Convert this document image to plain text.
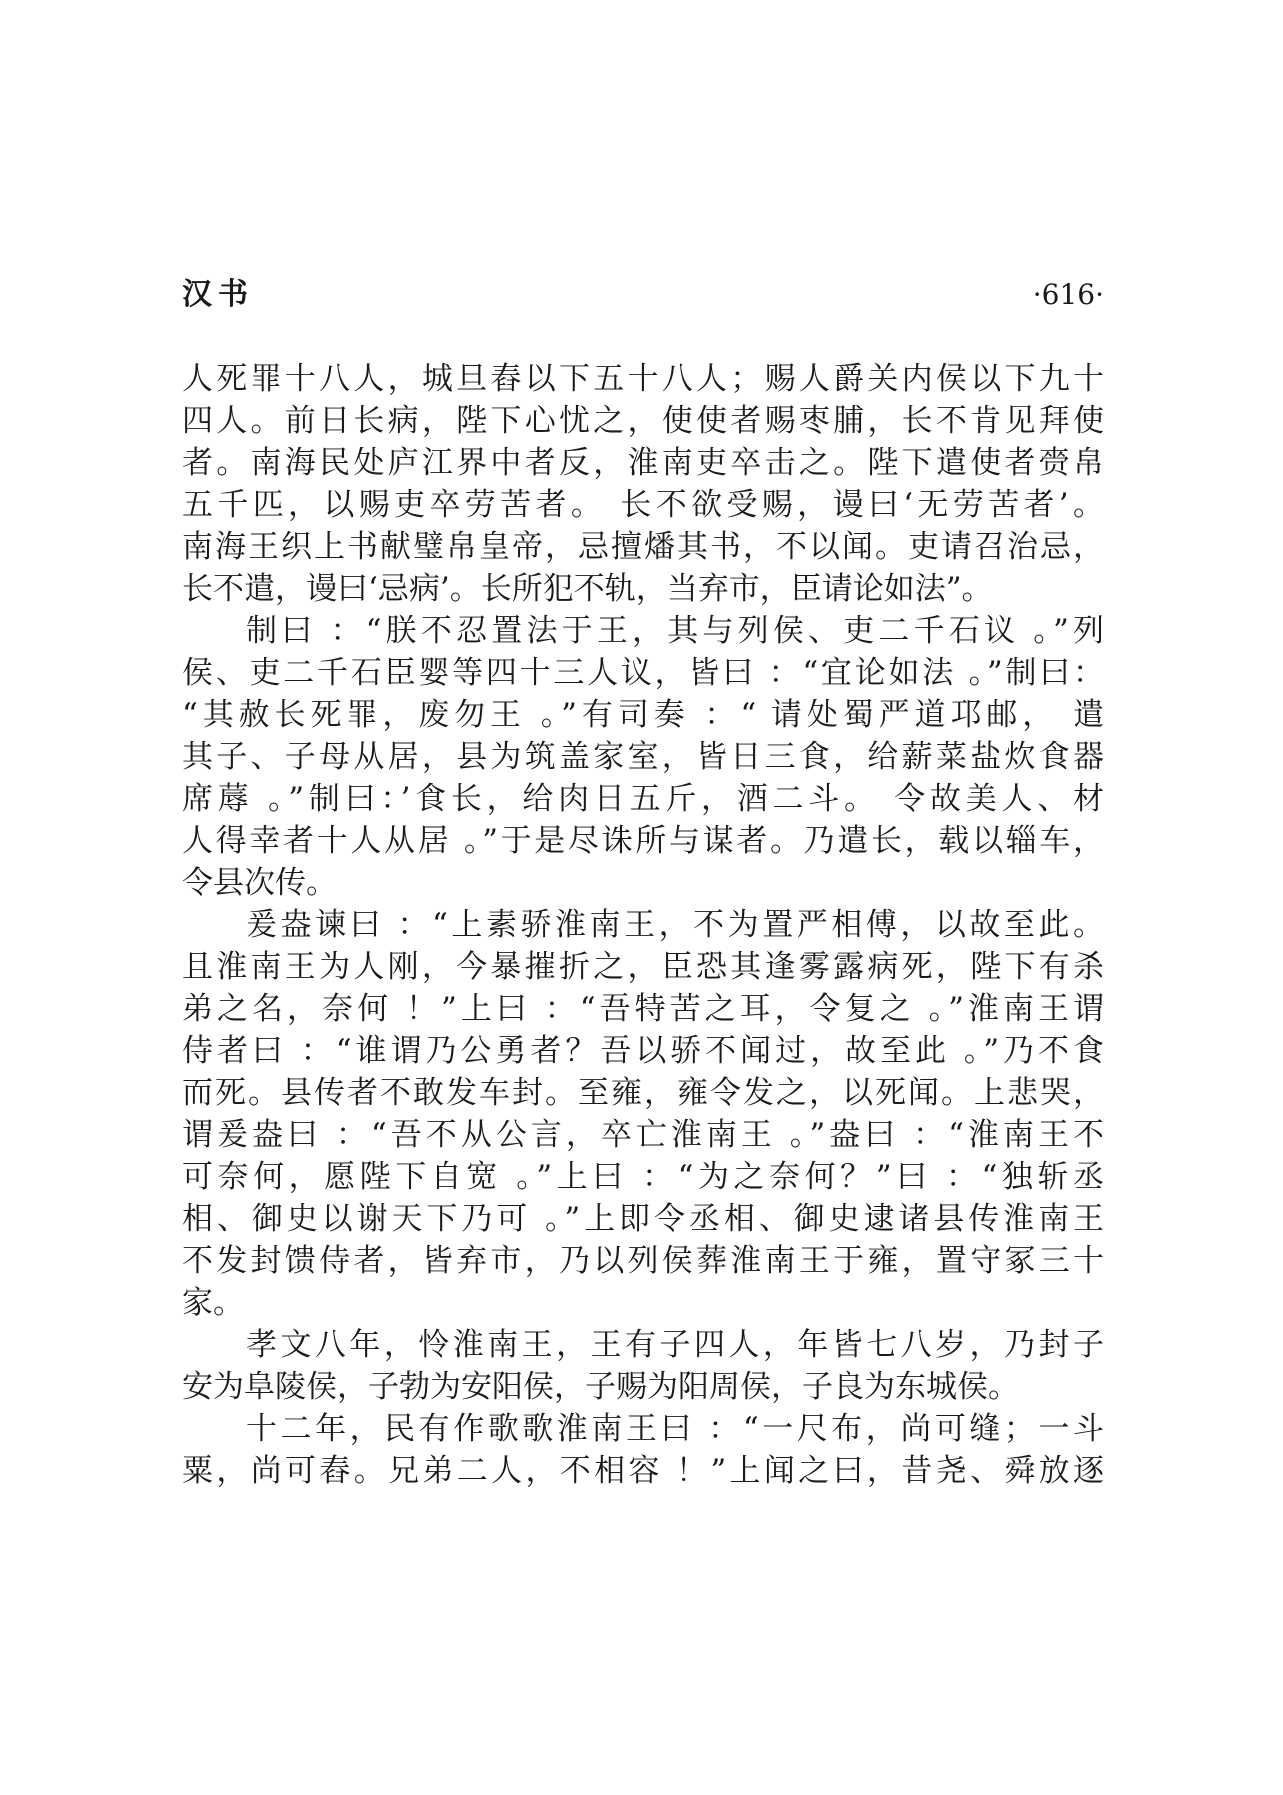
汉书	·616·
人死罪十八人，城旦舂以下五十八人；赐人爵关内侯以下九十
四人。前日长病，陛下心忧之，使使者赐枣脯，长不肯见拜使
者。南海民处庐江界中者反，淮南吏卒击之。陛下遣使者赍帛
五千匹，以赐吏卒劳苦者。 长不欲受赐，谩曰‘无劳苦者’。
南海王织上书献璧帛皇帝，忌擅燔其书，不以闻。吏请召治忌，
长不遣，谩曰‘忌病’。长所犯不轨，当弃市，臣请论如法”。
制曰 ：“朕不忍置法于王，其与列侯、吏二千石议 。”列
侯、吏二千石臣婴等四十三人议，皆曰 ：“宜论如法 。”制曰：
“其赦长死罪，废勿王 。”有司奏 ：“ 请处蜀严道邛邮， 遣
其子、子母从居，县为筑盖家室，皆日三食，给薪菜盐炊食器
席蓐 。”制曰：’食长，给肉日五斤，酒二斗。 令故美人、材
人得幸者十人从居 。”于是尽诛所与谋者。乃遣长，载以辎车，
令县次传。
爰盎谏曰 ：“上素骄淮南王，不为置严相傅，以故至此。
且淮南王为人刚，今暴摧折之，臣恐其逢雾露病死，陛下有杀
弟之名，奈何 ！”上曰 ：“吾特苦之耳，令复之 。”淮南王谓
侍者曰 ：“谁谓乃公勇者？吾以骄不闻过，故至此 。”乃不食
而死。县传者不敢发车封。至雍，雍令发之，以死闻。上悲哭，
谓爰盎曰 ：“吾不从公言，卒亡淮南王 。”盎曰 ：“淮南王不
可奈何，愿陛下自宽 。”上曰 ：“为之奈何？”曰 ：“独斩丞
相、御史以谢天下乃可 。”上即令丞相、御史逮诸县传淮南王
不发封馈侍者，皆弃市，乃以列侯葬淮南王于雍，置守冢三十
家。
孝文八年，怜淮南王，王有子四人，年皆七八岁，乃封子
安为阜陵侯，子勃为安阳侯，子赐为阳周侯，子良为东城侯。
十二年，民有作歌歌淮南王曰 ：“一尺布，尚可缝；一斗
粟，尚可舂。兄弟二人，不相容 ！”上闻之曰，昔尧、舜放逐
